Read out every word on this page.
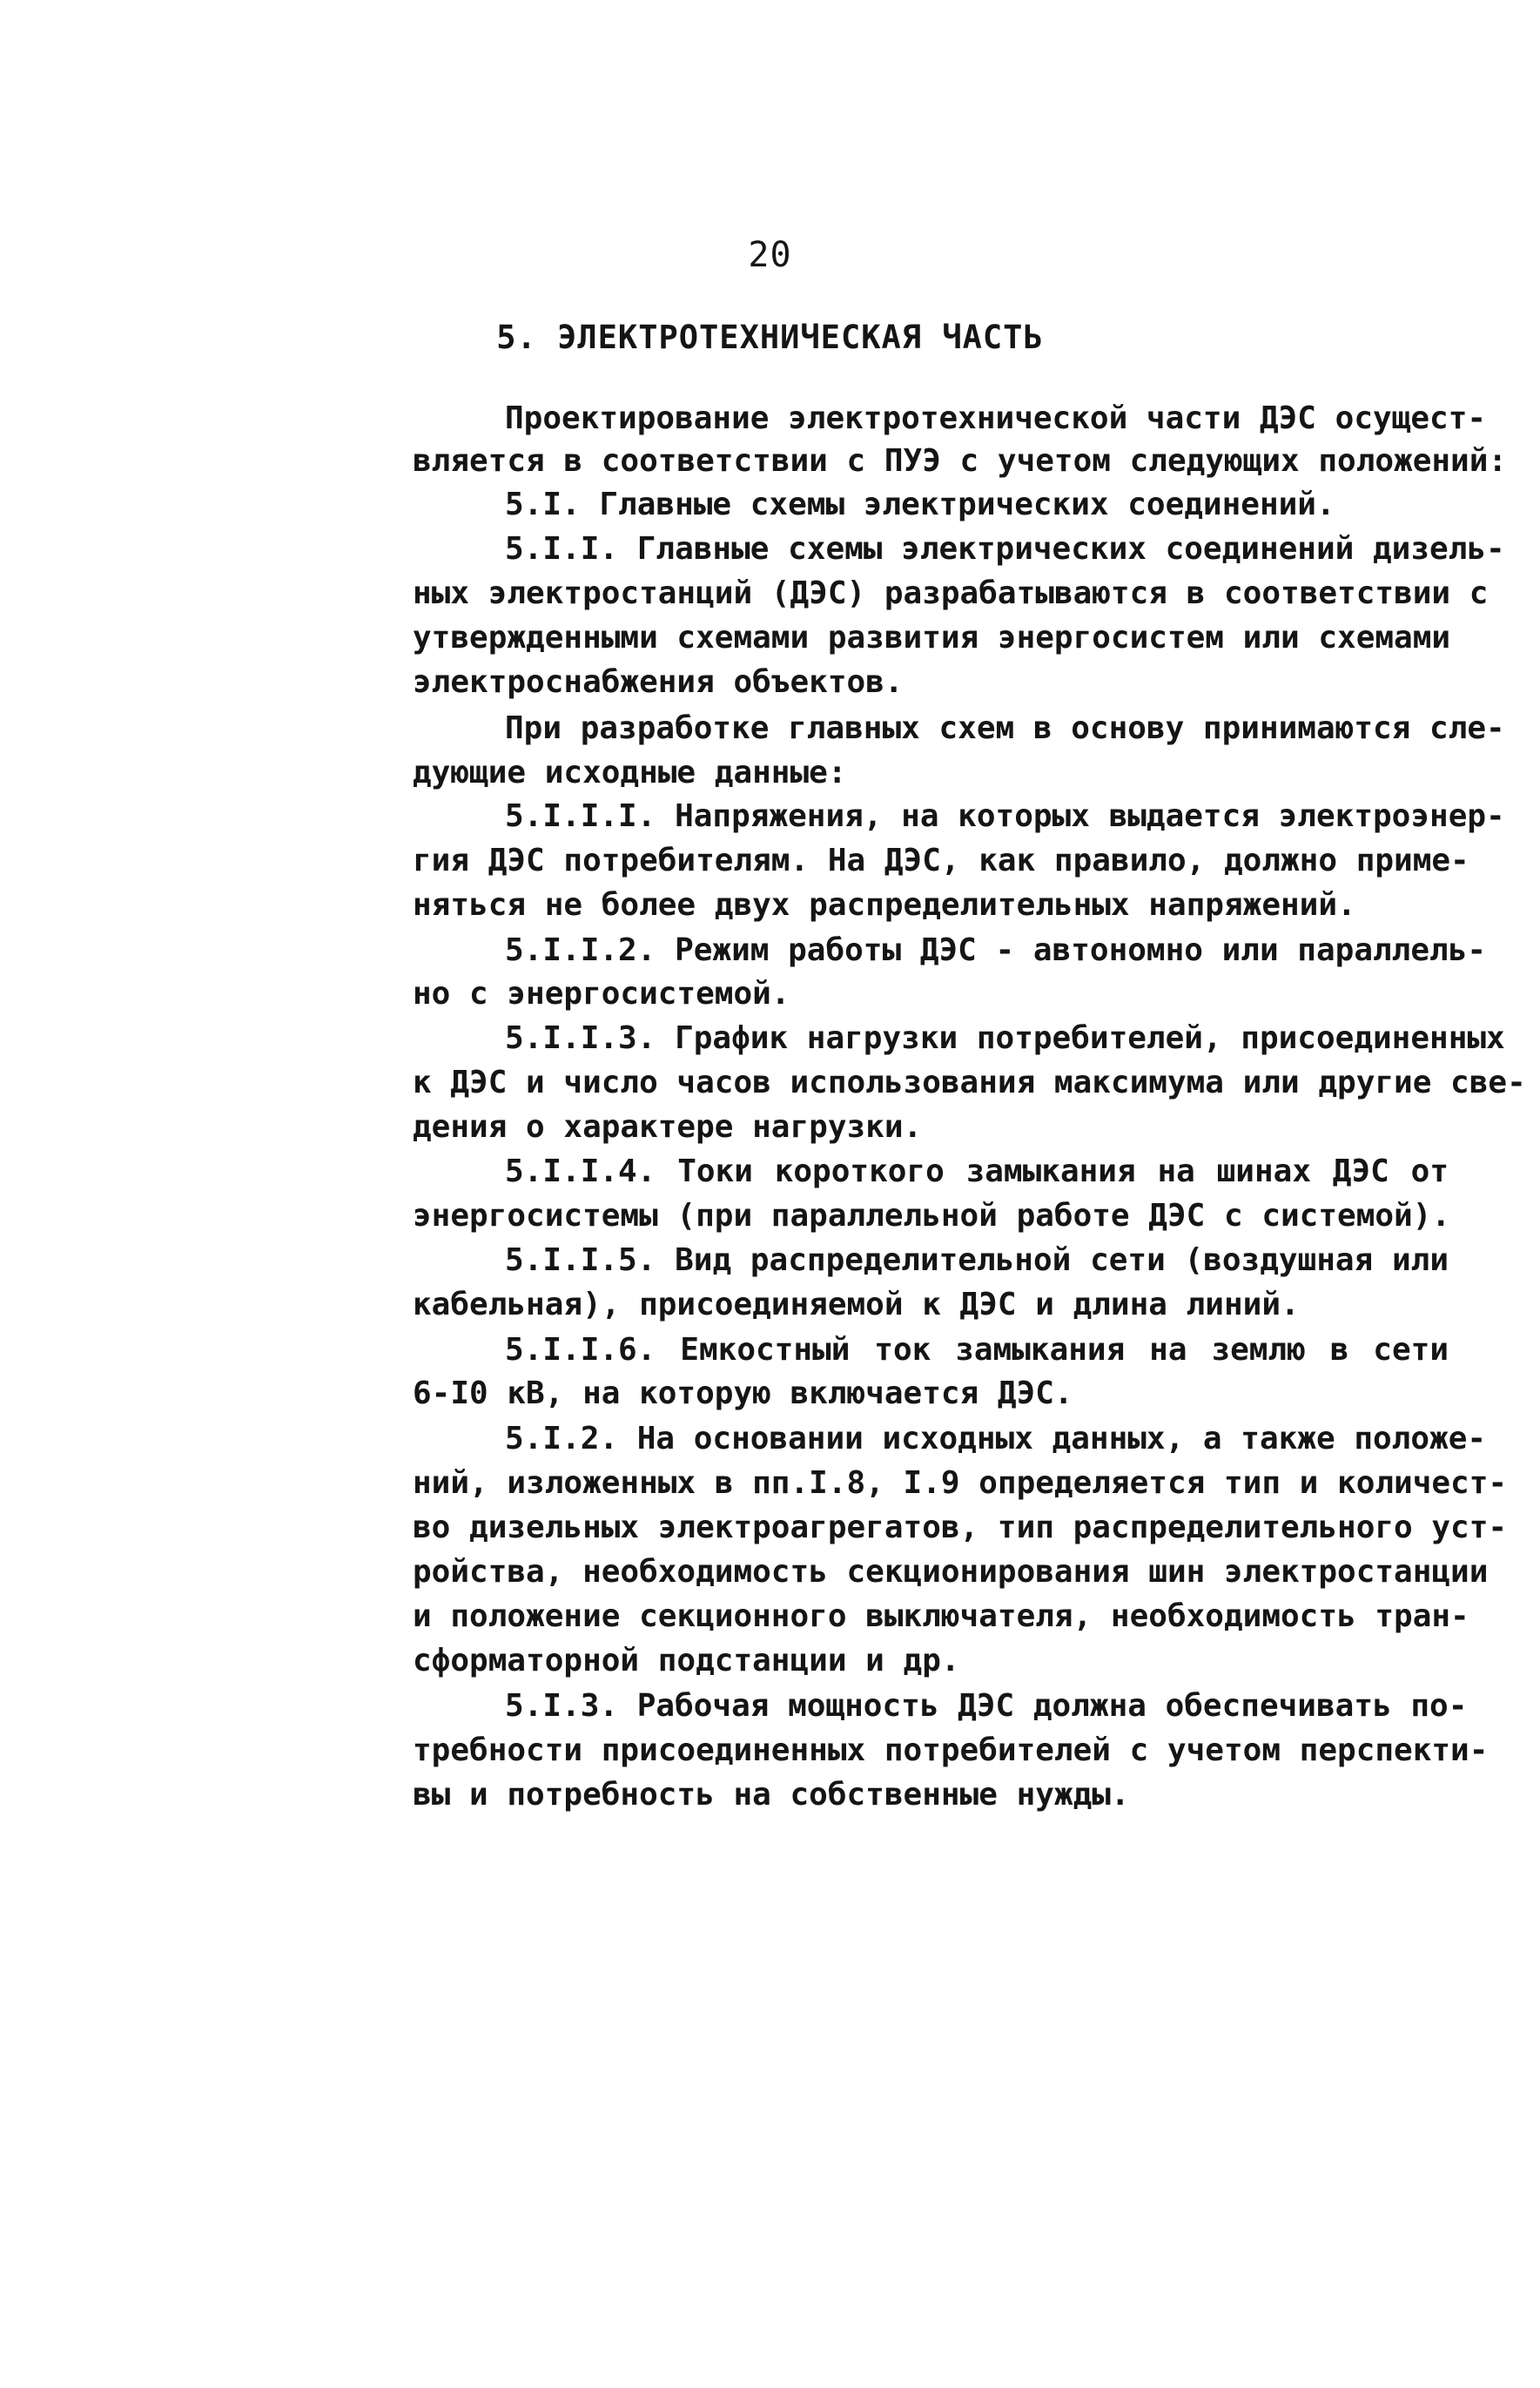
20
5. ЭЛЕКТРОТЕХНИЧЕСКАЯ ЧАСТЬ
Проектирование электротехнической части ДЭС осущест-
вляется в соответствии с ПУЭ с учетом следующих положений:
5.I. Главные схемы электрических соединений.
5.I.I. Главные схемы электрических соединений дизель-
ных электростанций (ДЭС) разрабатываются в соответствии с
утвержденными схемами развития энергосистем или схемами
электроснабжения объектов.
При разработке главных схем в основу принимаются сле-
дующие исходные данные:
5.I.I.I. Напряжения, на которых выдается электроэнер-
гия ДЭС потребителям. На ДЭС, как правило, должно приме-
няться не более двух распределительных напряжений.
5.I.I.2. Режим работы ДЭС - автономно или параллель-
но с энергосистемой.
5.I.I.3. График нагрузки потребителей, присоединенных
к ДЭС и число часов использования максимума или другие све-
дения о характере нагрузки.
5.I.I.4. Токи короткого замыкания на шинах ДЭС от
энергосистемы (при параллельной работе ДЭС с системой).
5.I.I.5. Вид распределительной сети (воздушная или
кабельная), присоединяемой к ДЭС и длина линий.
5.I.I.6. Емкостный ток замыкания на землю в сети
6-I0 кВ, на которую включается ДЭС.
5.I.2. На основании исходных данных, а также положе-
ний, изложенных в пп.I.8, I.9 определяется тип и количест-
во дизельных электроагрегатов, тип распределительного уст-
ройства, необходимость секционирования шин электростанции
и положение секционного выключателя, необходимость тран-
сформаторной подстанции и др.
5.I.3. Рабочая мощность ДЭС должна обеспечивать по-
требности присоединенных потребителей с учетом перспекти-
вы и потребность на собственные нужды.
